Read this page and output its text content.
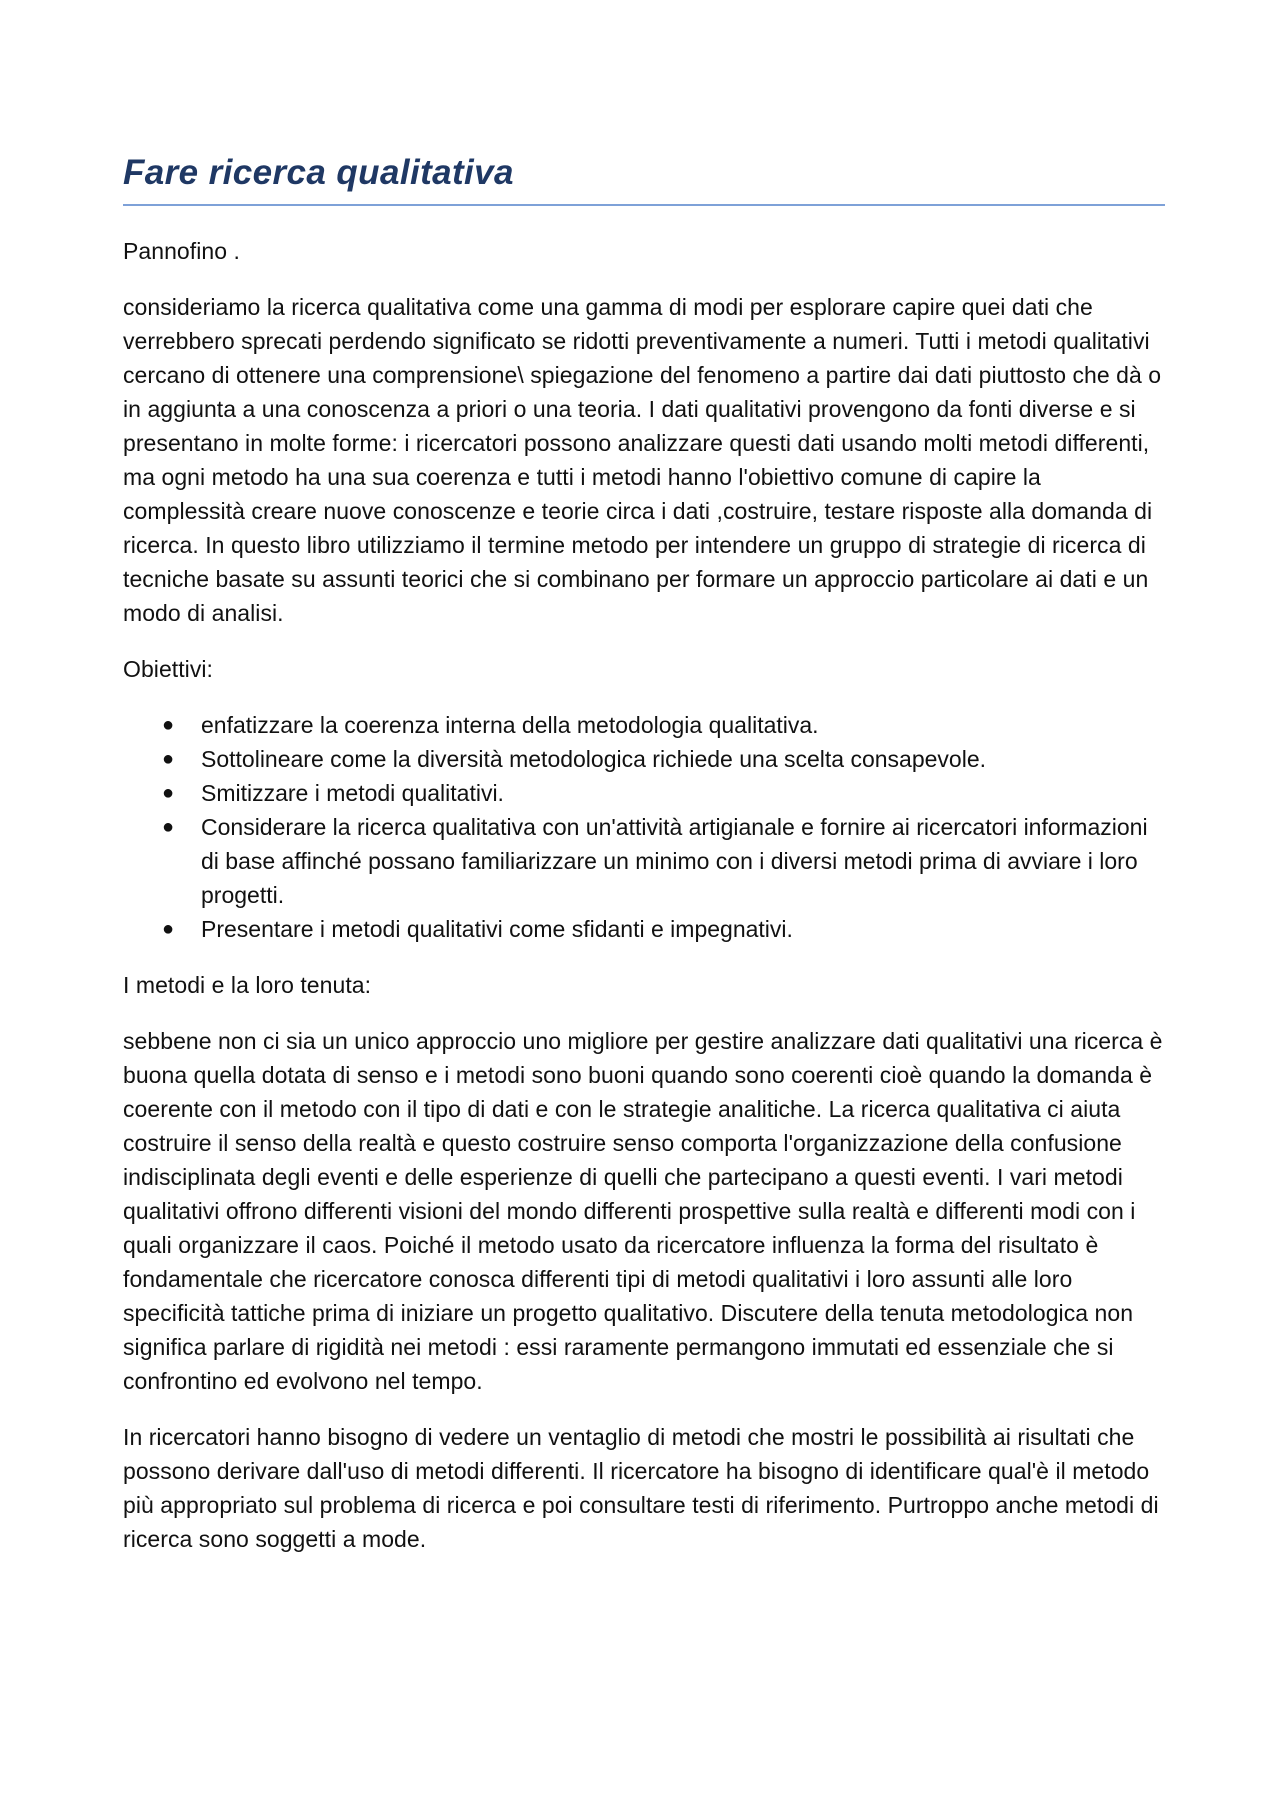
Fare ricerca qualitativa

Pannofino .

consideriamo la ricerca qualitativa come una gamma di modi per esplorare capire quei dati che verrebbero sprecati perdendo significato se ridotti preventivamente a numeri. Tutti i metodi qualitativi cercano di ottenere una comprensione\ spiegazione del fenomeno a partire dai dati piuttosto che dà o in aggiunta a una conoscenza a priori o una teoria. I dati qualitativi provengono da fonti diverse e si presentano in molte forme: i ricercatori possono analizzare questi dati usando molti metodi differenti, ma ogni metodo ha una sua coerenza e tutti i metodi hanno l'obiettivo comune di capire la complessità creare nuove conoscenze e teorie circa i dati ,costruire, testare risposte alla domanda di ricerca. In questo libro utilizziamo il termine metodo per intendere un gruppo di strategie di ricerca di tecniche basate su assunti teorici che si combinano per formare un approccio particolare ai dati e un modo di analisi.

Obiettivi:

● enfatizzare la coerenza interna della metodologia qualitativa.
● Sottolineare come la diversità metodologica richiede una scelta consapevole.
● Smitizzare i metodi qualitativi.
● Considerare la ricerca qualitativa con un'attività artigianale e fornire ai ricercatori informazioni di base affinché possano familiarizzare un minimo con i diversi metodi prima di avviare i loro progetti.
● Presentare i metodi qualitativi come sfidanti e impegnativi.

I metodi e la loro tenuta:

sebbene non ci sia un unico approccio uno migliore per gestire analizzare dati qualitativi una ricerca è buona quella dotata di senso e i metodi sono buoni quando sono coerenti cioè quando la domanda è coerente con il metodo con il tipo di dati e con le strategie analitiche. La ricerca qualitativa ci aiuta costruire il senso della realtà e questo costruire senso comporta l'organizzazione della confusione indisciplinata degli eventi e delle esperienze di quelli che partecipano a questi eventi. I vari metodi qualitativi offrono differenti visioni del mondo differenti prospettive sulla realtà e differenti modi con i quali organizzare il caos. Poiché il metodo usato da ricercatore influenza la forma del risultato è fondamentale che ricercatore conosca differenti tipi di metodi qualitativi i loro assunti alle loro specificità tattiche prima di iniziare un progetto qualitativo. Discutere della tenuta metodologica non significa parlare di rigidità nei metodi : essi raramente permangono immutati ed essenziale che si confrontino ed evolvono nel tempo.

In ricercatori hanno bisogno di vedere un ventaglio di metodi che mostri le possibilità ai risultati che possono derivare dall'uso di metodi differenti. Il ricercatore ha bisogno di identificare qual'è il metodo più appropriato sul problema di ricerca e poi consultare testi di riferimento. Purtroppo anche metodi di ricerca sono soggetti a mode.
